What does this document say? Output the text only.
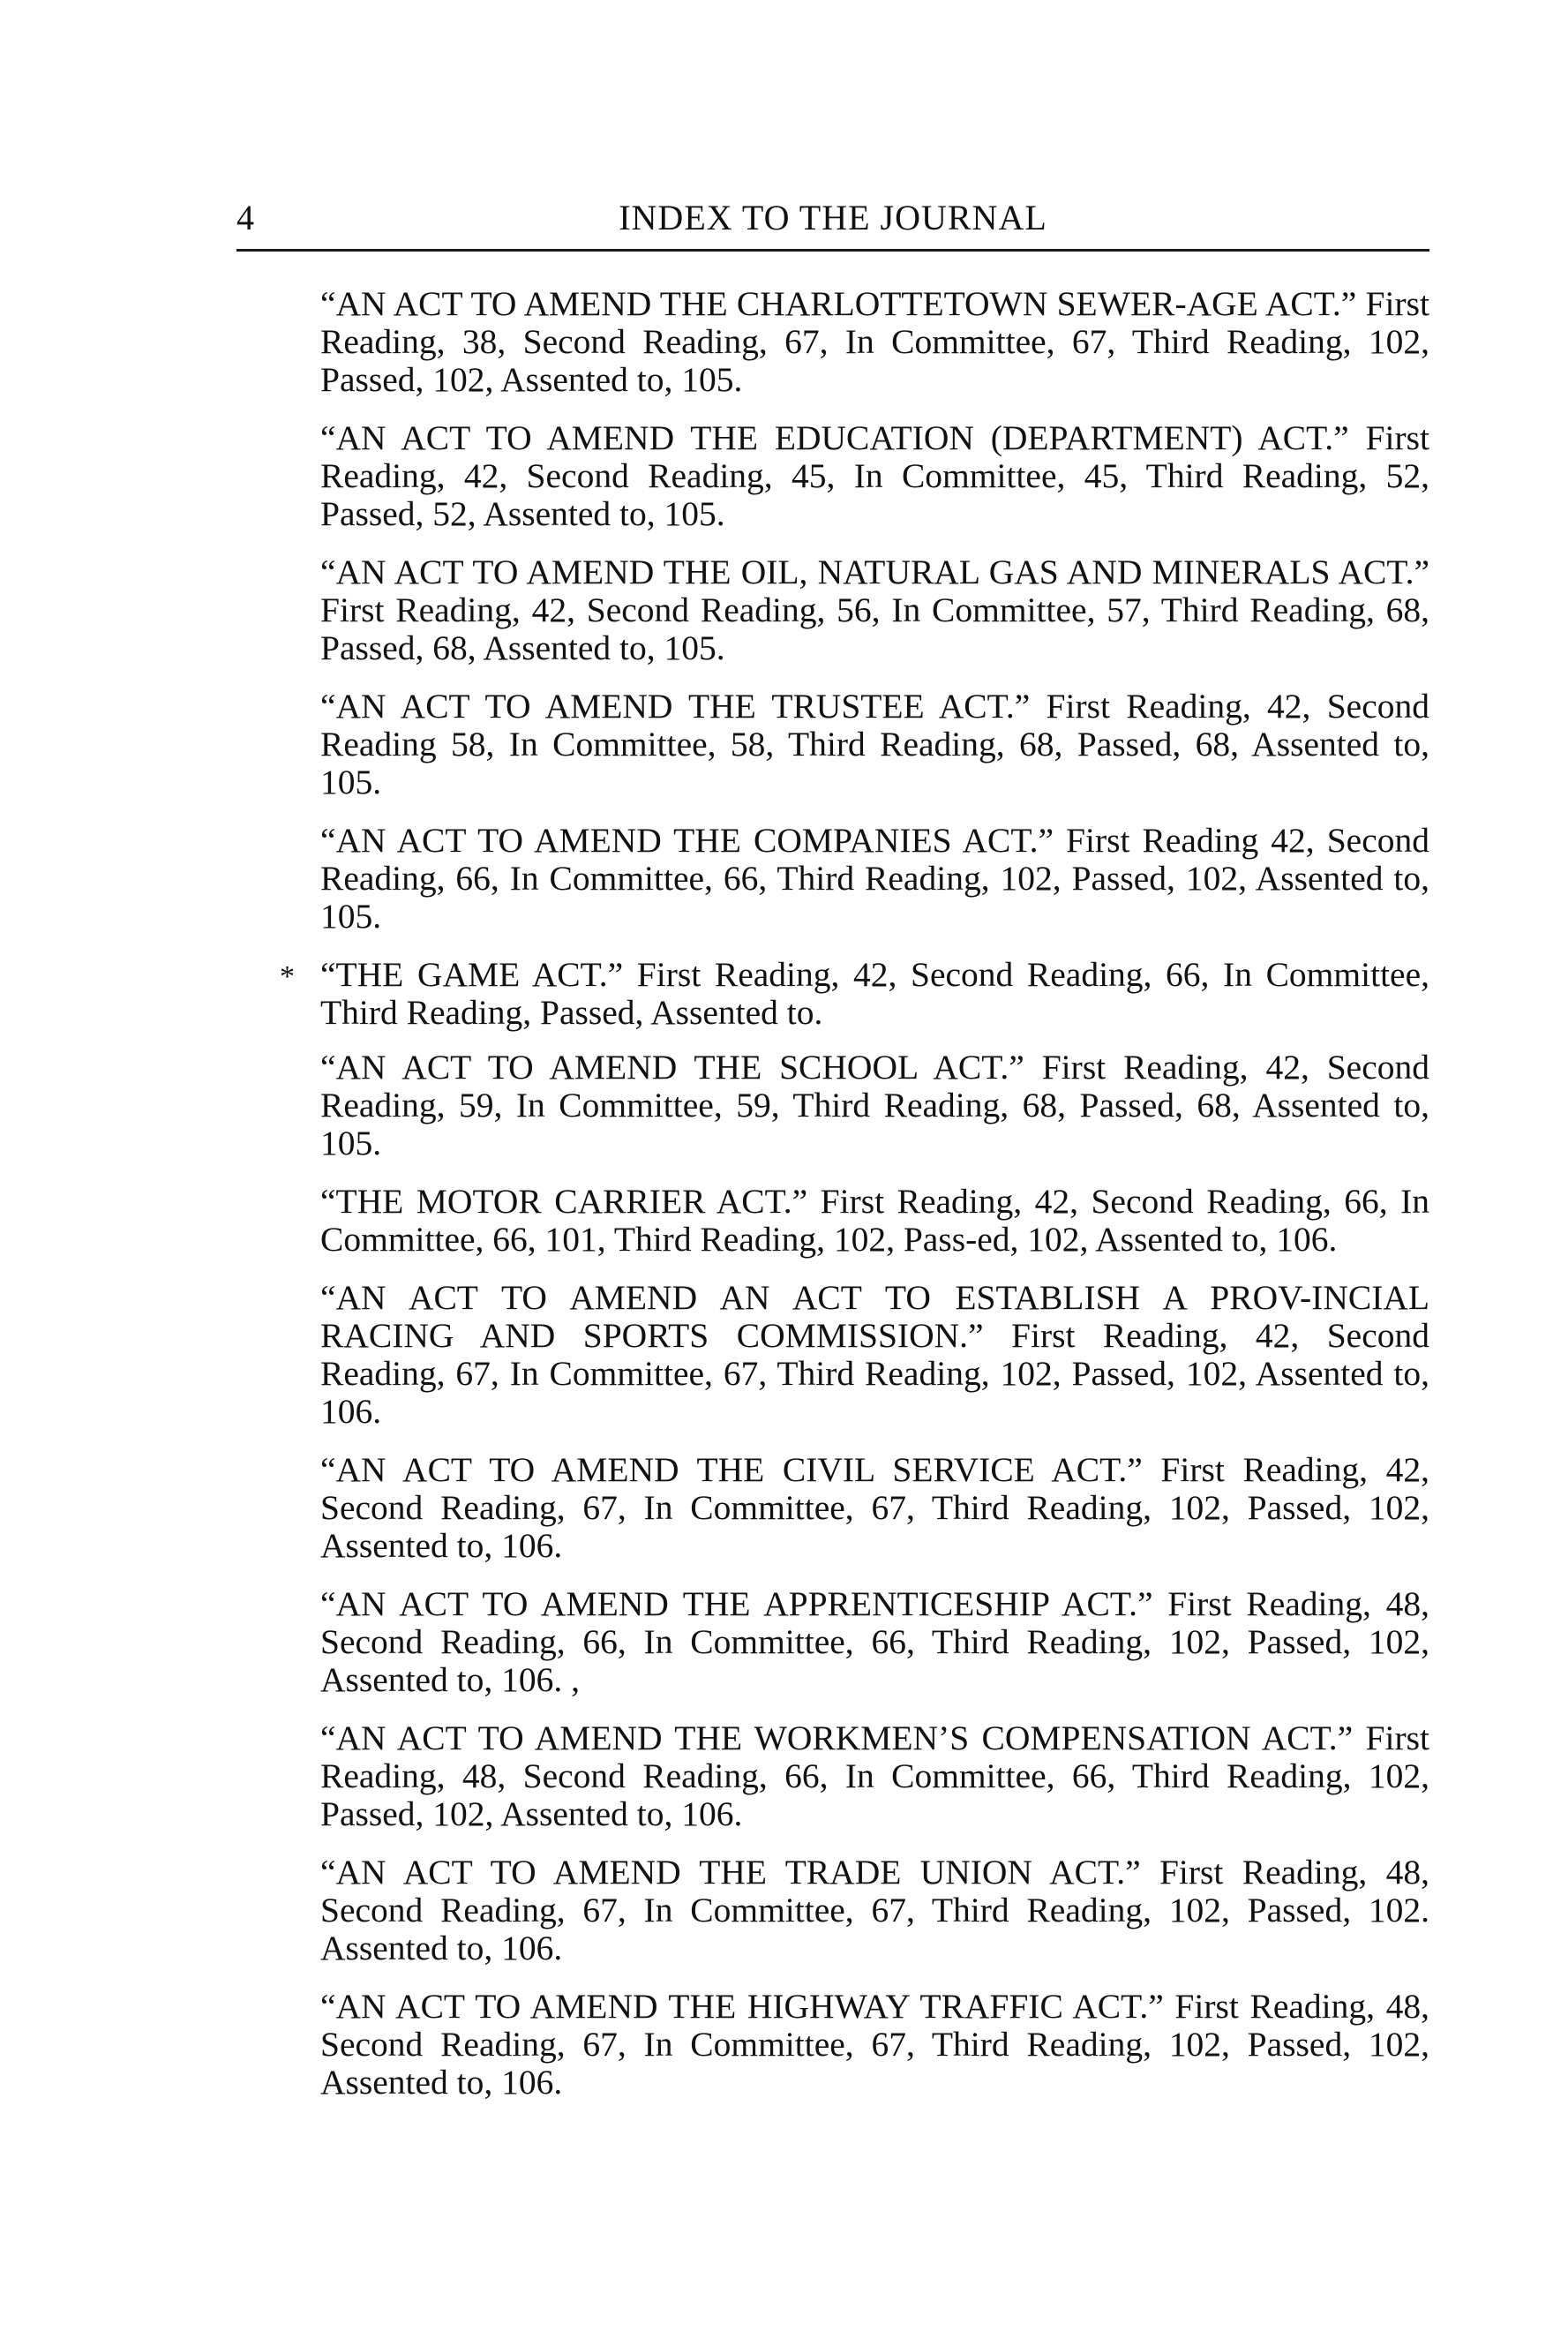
4	INDEX TO THE JOURNAL

“AN ACT TO AMEND THE CHARLOTTETOWN SEWER-AGE ACT.” First Reading, 38, Second Reading, 67, In Committee, 67, Third Reading, 102, Passed, 102, Assented to, 105.

“AN ACT TO AMEND THE EDUCATION (DEPARTMENT) ACT.” First Reading, 42, Second Reading, 45, In Committee, 45, Third Reading, 52, Passed, 52, Assented to, 105.

“AN ACT TO AMEND THE OIL, NATURAL GAS AND MINERALS ACT.” First Reading, 42, Second Reading, 56, In Committee, 57, Third Reading, 68, Passed, 68, Assented to, 105.

“AN ACT TO AMEND THE TRUSTEE ACT.” First Reading, 42, Second Reading 58, In Committee, 58, Third Reading, 68, Passed, 68, Assented to, 105.

“AN ACT TO AMEND THE COMPANIES ACT.” First Reading 42, Second Reading, 66, In Committee, 66, Third Reading, 102, Passed, 102, Assented to, 105.

* “THE GAME ACT.” First Reading, 42, Second Reading, 66, In Committee, Third Reading, Passed, Assented to.

“AN ACT TO AMEND THE SCHOOL ACT.” First Reading, 42, Second Reading, 59, In Committee, 59, Third Reading, 68, Passed, 68, Assented to, 105.

“THE MOTOR CARRIER ACT.” First Reading, 42, Second Reading, 66, In Committee, 66, 101, Third Reading, 102, Pass-ed, 102, Assented to, 106.

“AN ACT TO AMEND AN ACT TO ESTABLISH A PROV-INCIAL RACING AND SPORTS COMMISSION.” First Reading, 42, Second Reading, 67, In Committee, 67, Third Reading, 102, Passed, 102, Assented to, 106.

“AN ACT TO AMEND THE CIVIL SERVICE ACT.” First Reading, 42, Second Reading, 67, In Committee, 67, Third Reading, 102, Passed, 102, Assented to, 106.

“AN ACT TO AMEND THE APPRENTICESHIP ACT.” First Reading, 48, Second Reading, 66, In Committee, 66, Third Reading, 102, Passed, 102, Assented to, 106. ,

“AN ACT TO AMEND THE WORKMEN’S COMPENSATION ACT.” First Reading, 48, Second Reading, 66, In Committee, 66, Third Reading, 102, Passed, 102, Assented to, 106.

“AN ACT TO AMEND THE TRADE UNION ACT.” First Reading, 48, Second Reading, 67, In Committee, 67, Third Reading, 102, Passed, 102. Assented to, 106.

“AN ACT TO AMEND THE HIGHWAY TRAFFIC ACT.” First Reading, 48, Second Reading, 67, In Committee, 67, Third Reading, 102, Passed, 102, Assented to, 106.
